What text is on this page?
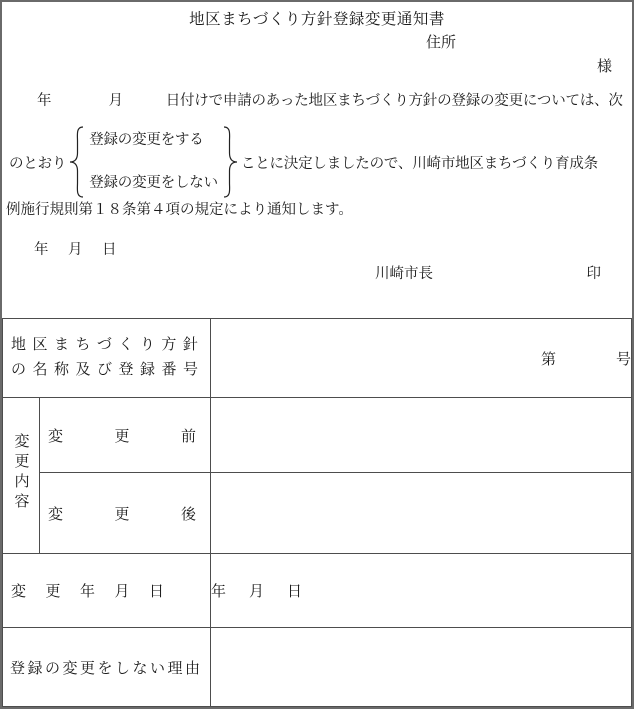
地区まちづくり方針登録変更通知書
住所
様
年　　　　月　　　日付けで申請のあった地区まちづくり方針の登録の変更については、次
のとおり
登録の変更をする
登録の変更をしない
ことに決定しましたので、川崎市地区まちづくり育成条
例施行規則第１８条第４項の規定により通知します。
年　月　日
川崎市長	印
地区まちづくり方針
の名称及び登録番号		第　　　　号
変更内容	変　更　前	

	変　更　後	

変　更　年　月　日		年　月　日
登録の変更をしない理由		
